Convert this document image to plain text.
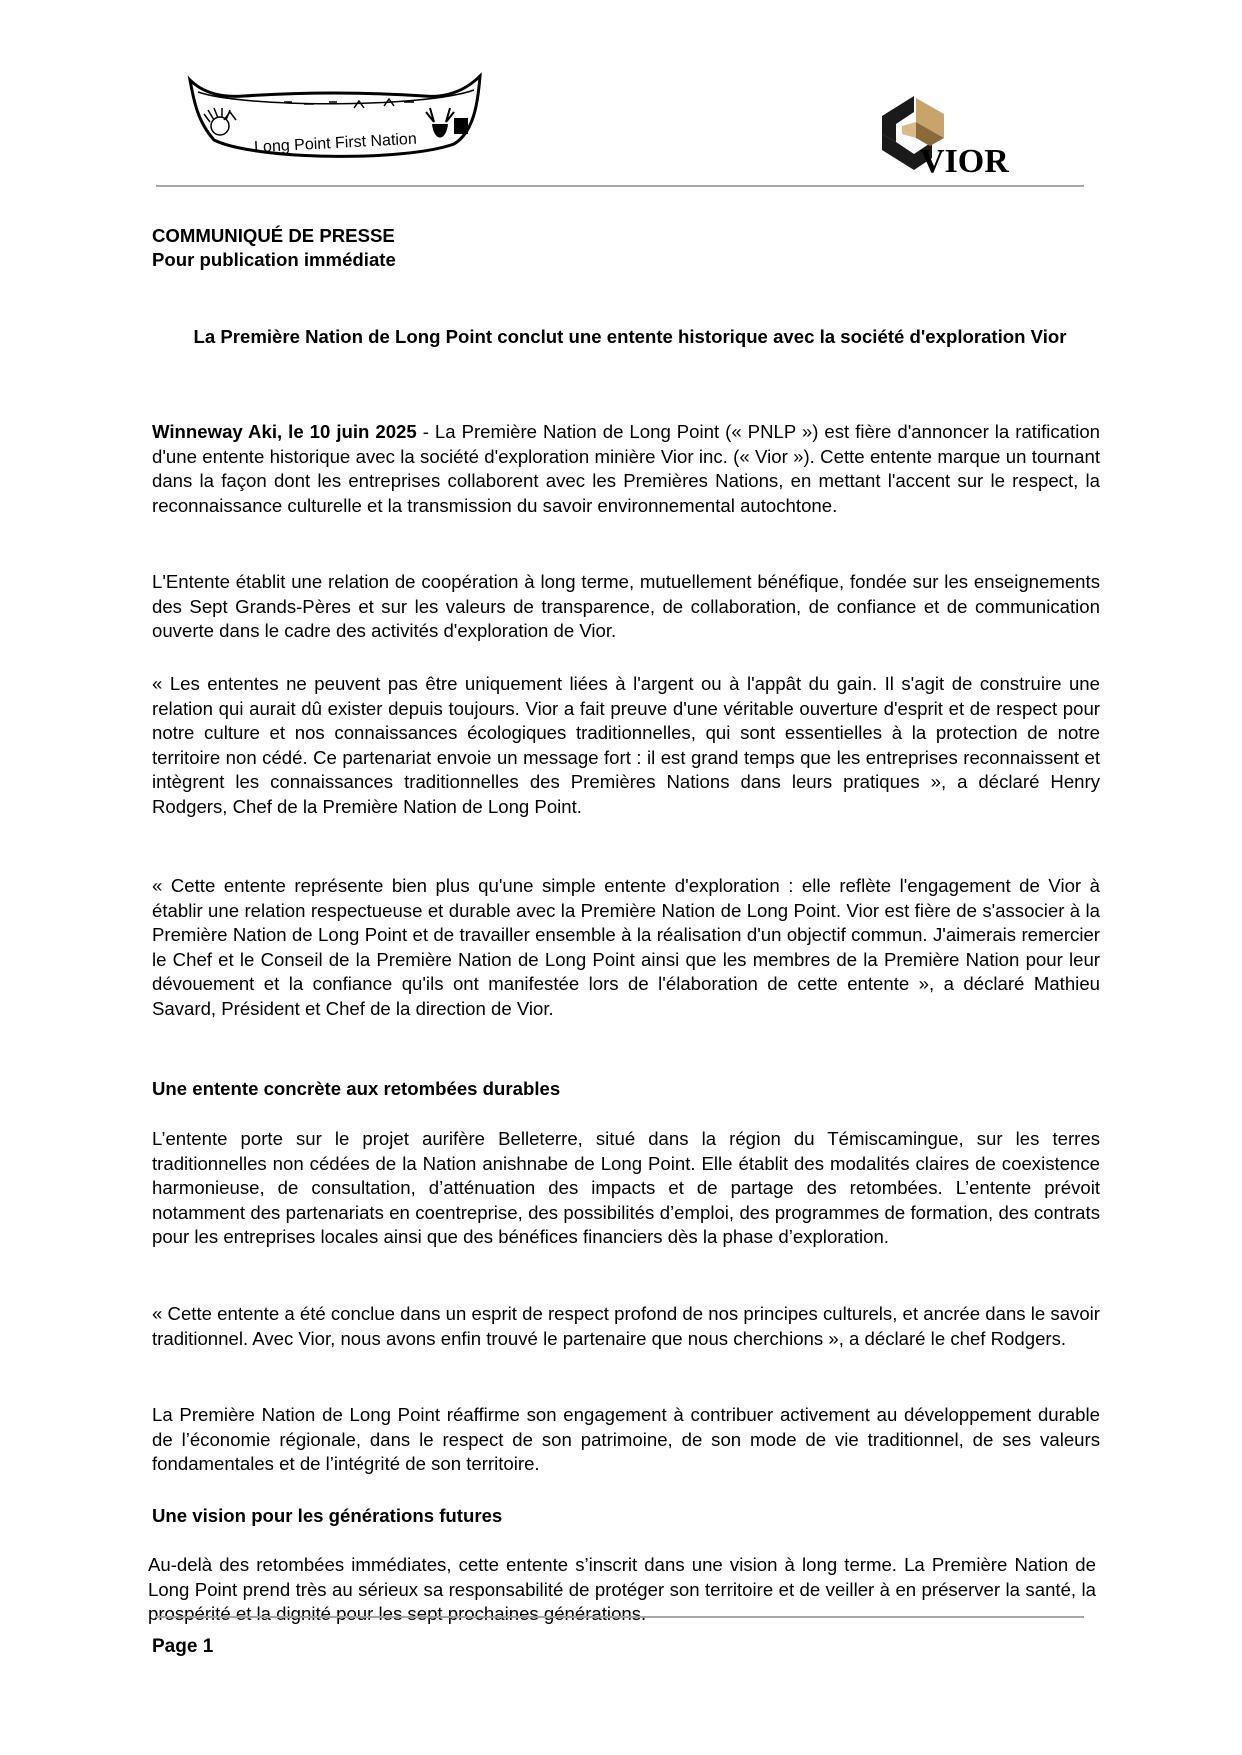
Long Point First Nation	VIOR
COMMUNIQUÉ DE PRESSE
Pour publication immédiate
La Première Nation de Long Point conclut une entente historique avec la société d'exploration Vior

Winneway Aki, le 10 juin 2025 - La Première Nation de Long Point (« PNLP ») est fière d'annoncer la ratification d'une entente historique avec la société d'exploration minière Vior inc. (« Vior »). Cette entente marque un tournant dans la façon dont les entreprises collaborent avec les Premières Nations, en mettant l'accent sur le respect, la reconnaissance culturelle et la transmission du savoir environnemental autochtone.

L'Entente établit une relation de coopération à long terme, mutuellement bénéfique, fondée sur les enseignements des Sept Grands-Pères et sur les valeurs de transparence, de collaboration, de confiance et de communication ouverte dans le cadre des activités d'exploration de Vior.

« Les ententes ne peuvent pas être uniquement liées à l'argent ou à l'appât du gain. Il s'agit de construire une relation qui aurait dû exister depuis toujours. Vior a fait preuve d'une véritable ouverture d'esprit et de respect pour notre culture et nos connaissances écologiques traditionnelles, qui sont essentielles à la protection de notre territoire non cédé. Ce partenariat envoie un message fort : il est grand temps que les entreprises reconnaissent et intègrent les connaissances traditionnelles des Premières Nations dans leurs pratiques », a déclaré Henry Rodgers, Chef de la Première Nation de Long Point.

« Cette entente représente bien plus qu'une simple entente d'exploration : elle reflète l'engagement de Vior à établir une relation respectueuse et durable avec la Première Nation de Long Point. Vior est fière de s'associer à la Première Nation de Long Point et de travailler ensemble à la réalisation d'un objectif commun. J'aimerais remercier le Chef et le Conseil de la Première Nation de Long Point ainsi que les membres de la Première Nation pour leur dévouement et la confiance qu'ils ont manifestée lors de l'élaboration de cette entente », a déclaré Mathieu Savard, Président et Chef de la direction de Vior.

Une entente concrète aux retombées durables

L’entente porte sur le projet aurifère Belleterre, situé dans la région du Témiscamingue, sur les terres traditionnelles non cédées de la Nation anishnabe de Long Point. Elle établit des modalités claires de coexistence harmonieuse, de consultation, d’atténuation des impacts et de partage des retombées. L’entente prévoit notamment des partenariats en coentreprise, des possibilités d’emploi, des programmes de formation, des contrats pour les entreprises locales ainsi que des bénéfices financiers dès la phase d’exploration.

« Cette entente a été conclue dans un esprit de respect profond de nos principes culturels, et ancrée dans le savoir traditionnel. Avec Vior, nous avons enfin trouvé le partenaire que nous cherchions », a déclaré le chef Rodgers.

La Première Nation de Long Point réaffirme son engagement à contribuer activement au développement durable de l’économie régionale, dans le respect de son patrimoine, de son mode de vie traditionnel, de ses valeurs fondamentales et de l’intégrité de son territoire.

Une vision pour les générations futures

Au-delà des retombées immédiates, cette entente s’inscrit dans une vision à long terme. La Première Nation de Long Point prend très au sérieux sa responsabilité de protéger son territoire et de veiller à en préserver la santé, la prospérité et la dignité pour les sept prochaines générations.

Page 1
